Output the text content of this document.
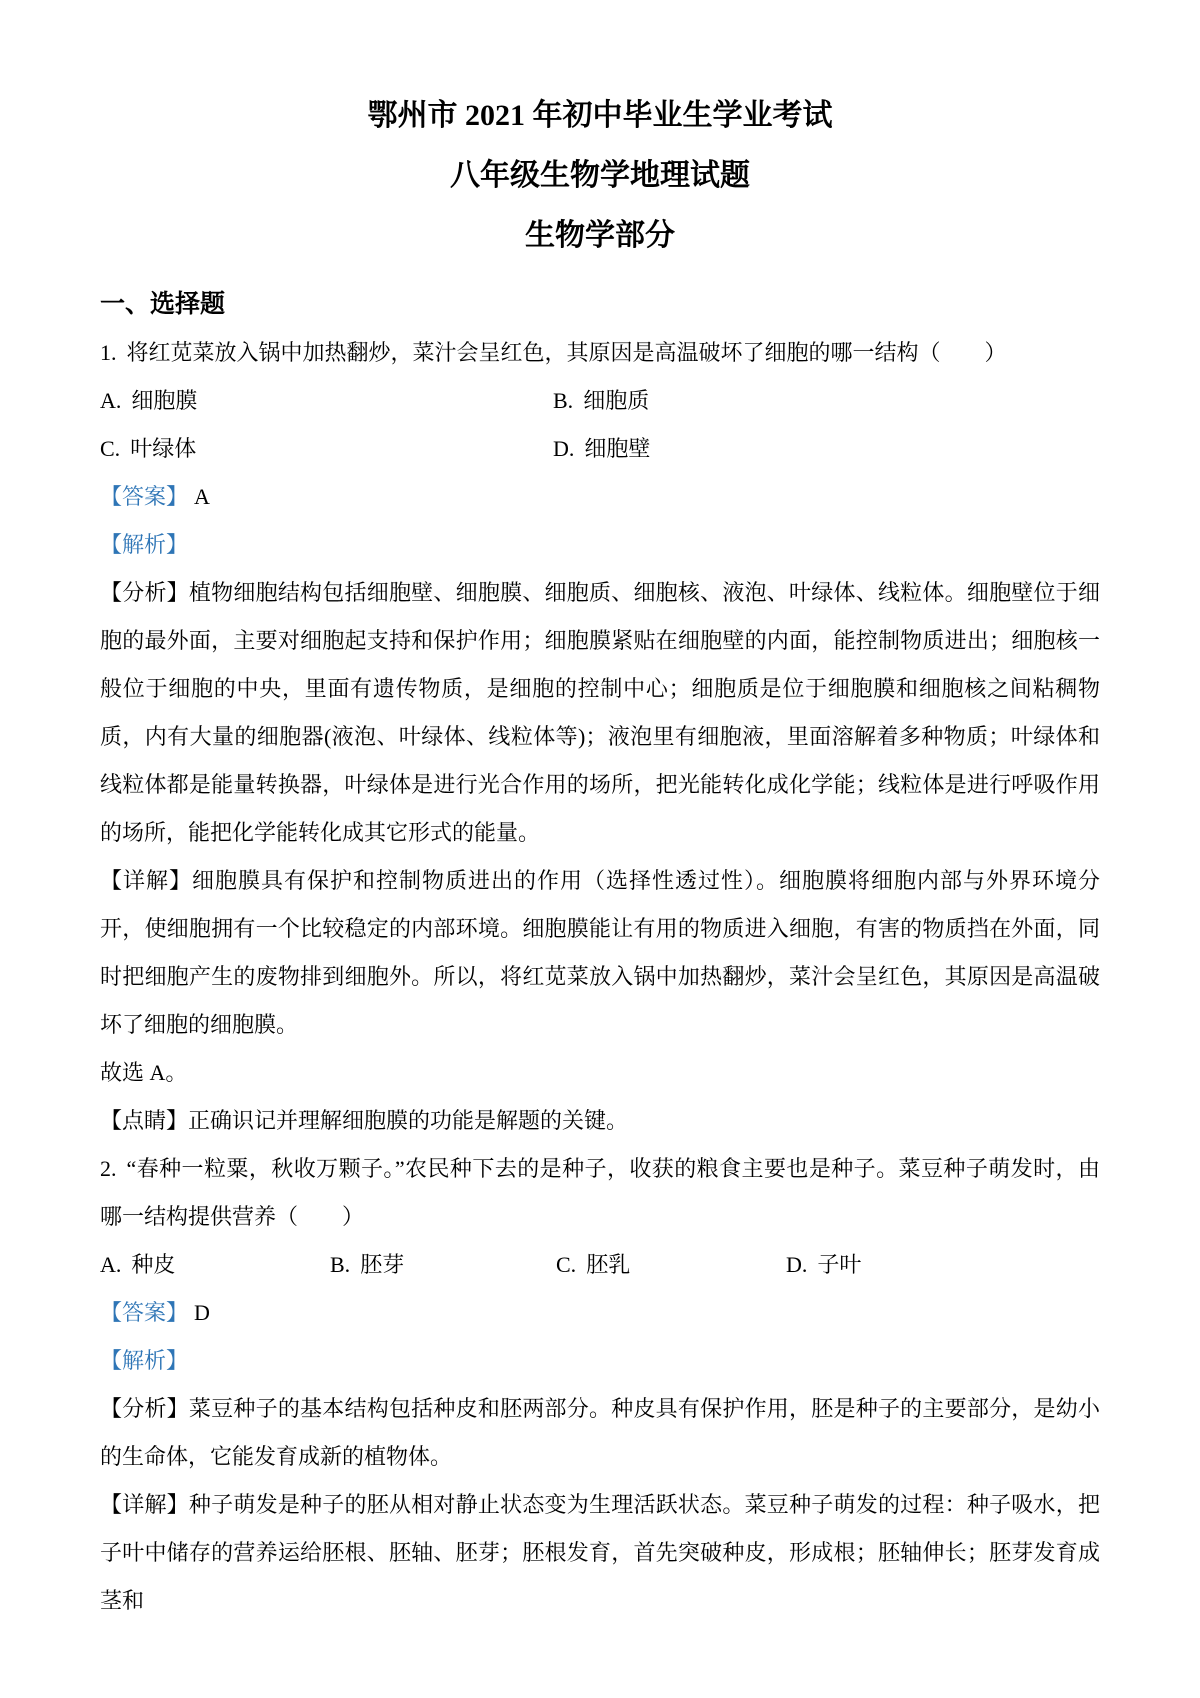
鄂州市 2021 年初中毕业生学业考试
八年级生物学地理试题
生物学部分
一、选择题

1. 将红苋菜放入锅中加热翻炒，菜汁会呈红色，其原因是高温破坏了细胞的哪一结构（　　）

A. 细胞膜	B. 细胞质
C. 叶绿体	D. 细胞壁

【答案】 A

【解析】

【分析】植物细胞结构包括细胞壁、细胞膜、细胞质、细胞核、液泡、叶绿体、线粒体。细胞壁位于细胞的最外面，主要对细胞起支持和保护作用；细胞膜紧贴在细胞壁的内面，能控制物质进出；细胞核一般位于细胞的中央，里面有遗传物质，是细胞的控制中心；细胞质是位于细胞膜和细胞核之间粘稠物质，内有大量的细胞器(液泡、叶绿体、线粒体等)；液泡里有细胞液，里面溶解着多种物质；叶绿体和线粒体都是能量转换器，叶绿体是进行光合作用的场所，把光能转化成化学能；线粒体是进行呼吸作用的场所，能把化学能转化成其它形式的能量。

【详解】细胞膜具有保护和控制物质进出的作用（选择性透过性）。细胞膜将细胞内部与外界环境分开，使细胞拥有一个比较稳定的内部环境。细胞膜能让有用的物质进入细胞，有害的物质挡在外面，同时把细胞产生的废物排到细胞外。所以，将红苋菜放入锅中加热翻炒，菜汁会呈红色，其原因是高温破坏了细胞的细胞膜。

故选 A。

【点睛】正确识记并理解细胞膜的功能是解题的关键。

2. “春种一粒粟，秋收万颗子。”农民种下去的是种子，收获的粮食主要也是种子。菜豆种子萌发时，由哪一结构提供营养（　　）

A. 种皮	B. 胚芽	C. 胚乳	D. 子叶

【答案】 D

【解析】

【分析】菜豆种子的基本结构包括种皮和胚两部分。种皮具有保护作用，胚是种子的主要部分，是幼小的生命体，它能发育成新的植物体。

【详解】种子萌发是种子的胚从相对静止状态变为生理活跃状态。菜豆种子萌发的过程：种子吸水，把子叶中储存的营养运给胚根、胚轴、胚芽；胚根发育，首先突破种皮，形成根；胚轴伸长；胚芽发育成茎和
